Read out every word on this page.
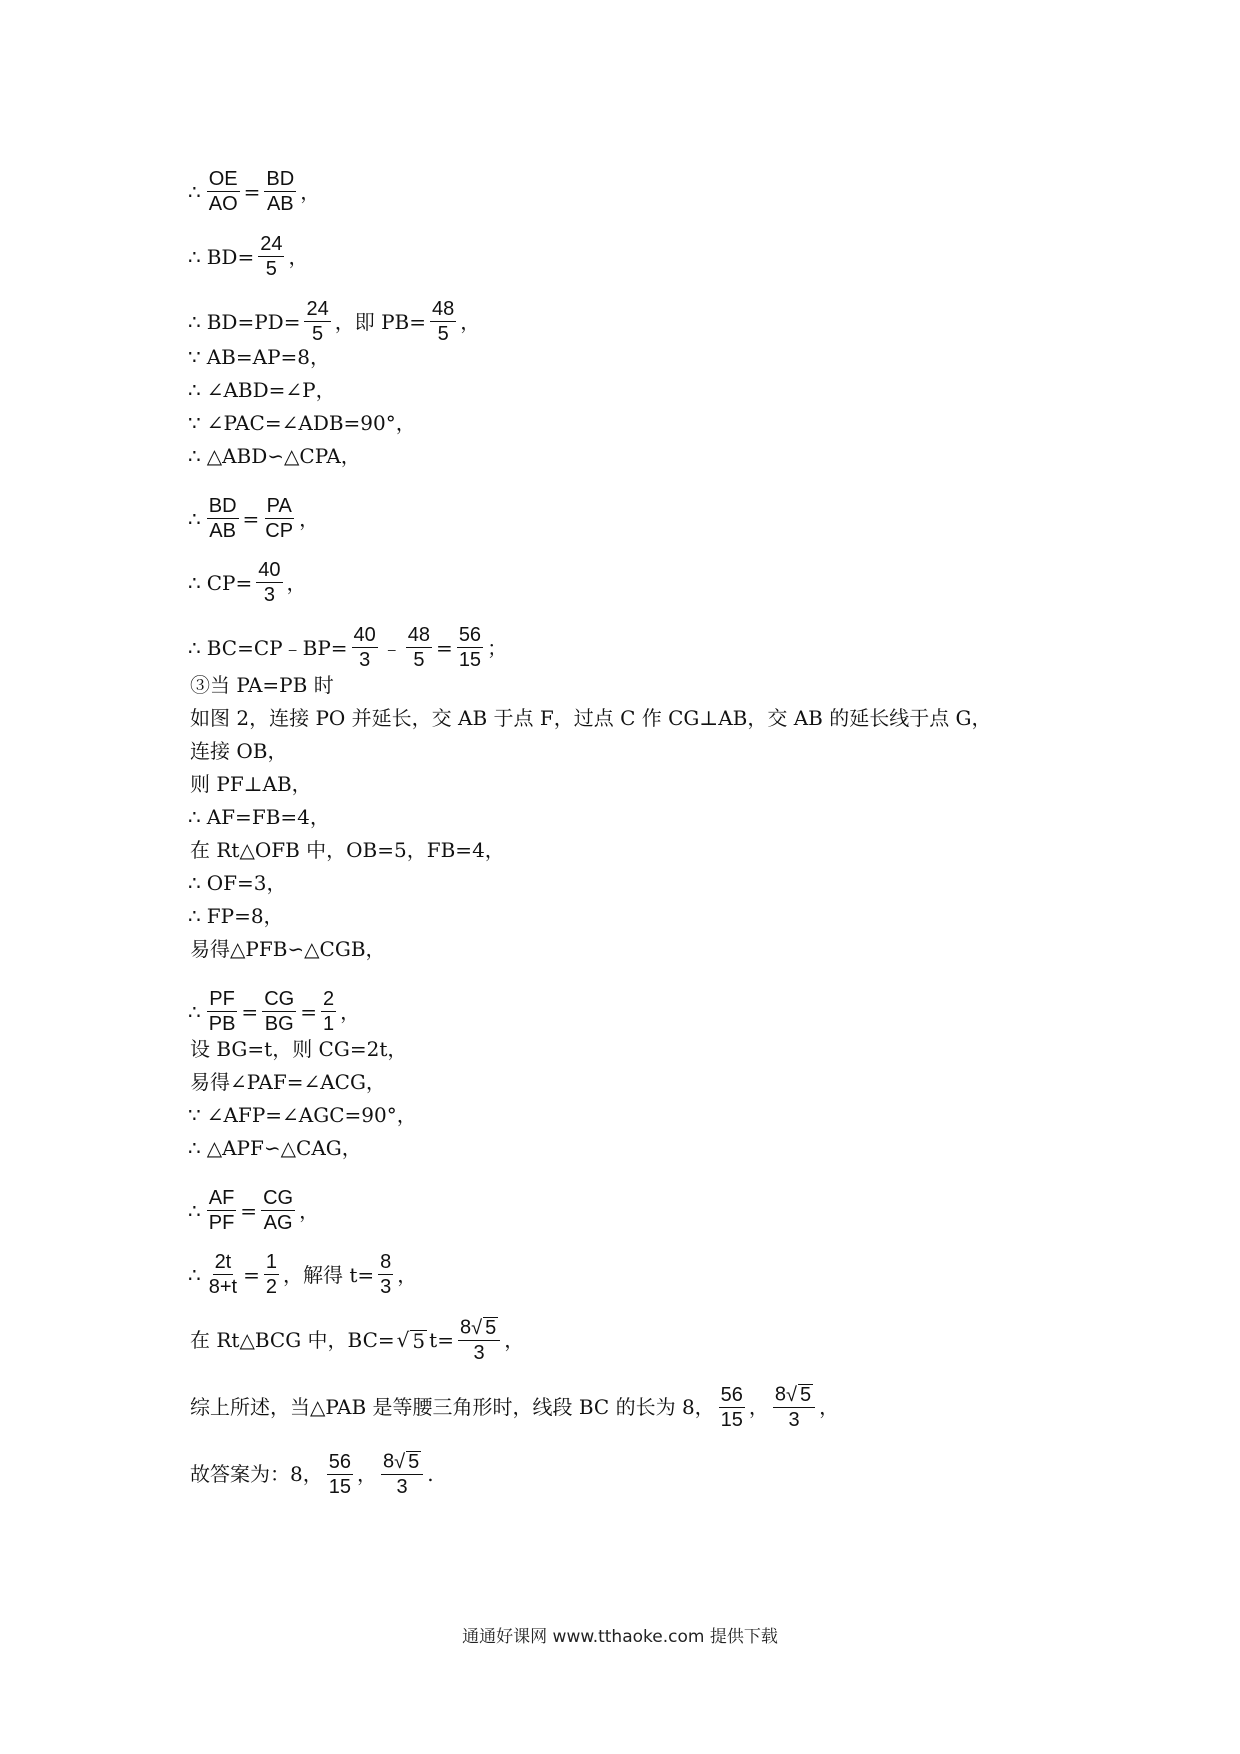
∴ $\frac{OE}{AO} = \frac{BD}{AB}$ ，
∴ $BD= \frac{24}{5}$ ，
∴ $BD=PD= \frac{24}{5}$ ，即 $PB= \frac{48}{5}$ ，
∵ AB=AP=8，
∴ ∠ABD=∠P，
∵ ∠PAC=∠ADB=90°，
∴ △ABD∽△CPA，
∴ $\frac{BD}{AB} = \frac{PA}{CP}$ ，
∴ $CP= \frac{40}{3}$ ，
∴ BC=CP﹣BP= $\frac{40}{3}$ ﹣ $\frac{48}{5} = \frac{56}{15}$ ；
③当 PA=PB 时
如图 2，连接 PO 并延长，交 AB 于点 F，过点 C 作 CG⊥AB，交 AB 的延长线于点 G，
连接 OB，
则 PF⊥AB，
∴ AF=FB=4，
在 Rt△OFB 中，OB=5，FB=4，
∴ OF=3，
∴ FP=8，
易得△PFB∽△CGB，
∴ $\frac{PF}{PB} = \frac{CG}{BG} = \frac{2}{1}$ ，
设 BG=t，则 CG=2t，
易得∠PAF=∠ACG，
∵ ∠AFP=∠AGC=90°，
∴ △APF∽△CAG，
∴ $\frac{AF}{PF} = \frac{CG}{AG}$ ，
∴ $\frac{2t}{8+t} = \frac{1}{2}$ ，解得 $t= \frac{8}{3}$ ，
在 Rt△BCG 中，BC= √ 5 $t= \frac{8 √ 5}{3}$ ，
综上所述，当△PAB 是等腰三角形时，线段 BC 的长为 8， $\frac{56}{15}$ ， $\frac{8 √ 5}{3}$ ，
故答案为：8， $\frac{56}{15}$ ， $\frac{8 √ 5}{3}$ .
通通好课网 www.tthaoke.com 提供下载
